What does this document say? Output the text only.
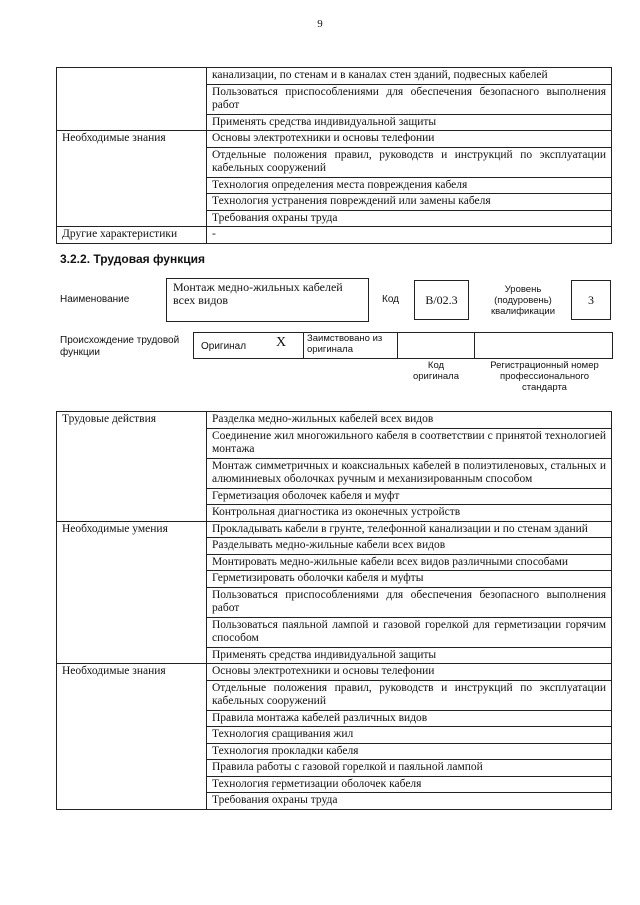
9
	канализации, по стенам и в каналах стен зданий, подвесных кабелей
	Пользоваться приспособлениями для обеспечения безопасного выполнения работ
	Применять средства индивидуальной защиты
Необходимые знания	Основы электротехники и основы телефонии
	Отдельные положения правил, руководств и инструкций по эксплуатации кабельных сооружений
	Технология определения места повреждения кабеля
	Технология устранения повреждений или замены кабеля
	Требования охраны труда
Другие характеристики	-
3.2.2. Трудовая функция
Наименование
Монтаж медно-жильных кабелей всех видов	Код	B/02.3
Уровень (подуровень) квалификации
3
Происхождение трудовой функции
Оригинал X Заимствовано из оригинала
Код оригинала
Регистрационный номер профессионального стандарта
Трудовые действия	Разделка медно-жильных кабелей всех видов
	Соединение жил многожильного кабеля в соответствии с принятой технологией монтажа
	Монтаж симметричных и коаксиальных кабелей в полиэтиленовых, стальных и алюминиевых оболочках ручным и механизированным способом
	Герметизация оболочек кабеля и муфт
	Контрольная диагностика из оконечных устройств
Необходимые умения	Прокладывать кабели в грунте, телефонной канализации и по стенам зданий
	Разделывать медно-жильные кабели всех видов
	Монтировать медно-жильные кабели всех видов различными способами
	Герметизировать оболочки кабеля и муфты
	Пользоваться приспособлениями для обеспечения безопасного выполнения работ
	Пользоваться паяльной лампой и газовой горелкой для герметизации горячим способом
	Применять средства индивидуальной защиты
Необходимые знания	Основы электротехники и основы телефонии
	Отдельные положения правил, руководств и инструкций по эксплуатации кабельных сооружений
	Правила монтажа кабелей различных видов
	Технология сращивания жил
	Технология прокладки кабеля
	Правила работы с газовой горелкой и паяльной лампой
	Технология герметизации оболочек кабеля
	Требования охраны труда
